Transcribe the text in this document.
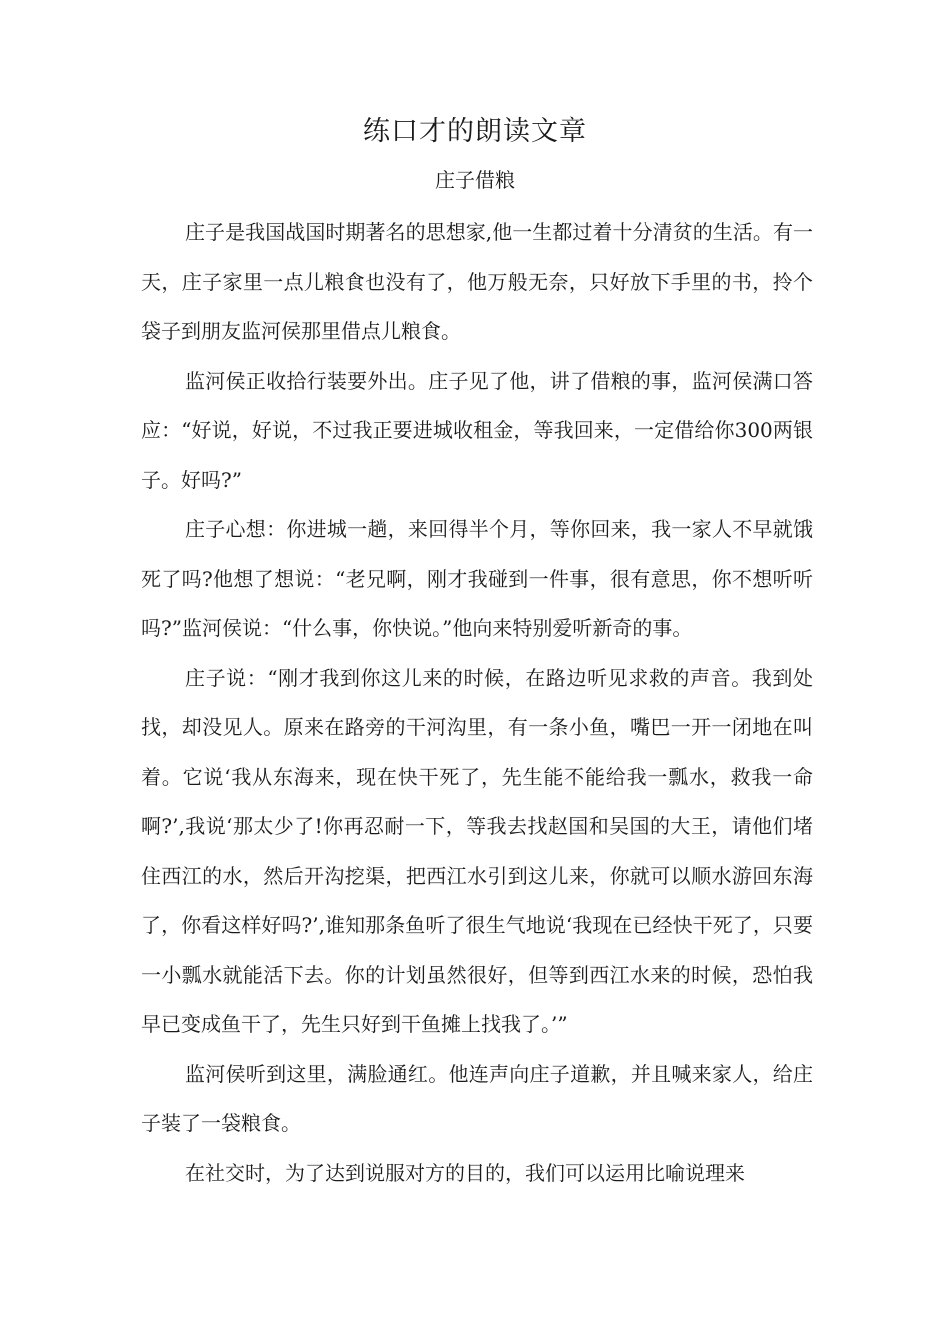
练口才的朗读文章
庄子借粮

庄子是我国战国时期著名的思想家,他一生都过着十分清贫的生活。有一天，庄子家里一点儿粮食也没有了，他万般无奈，只好放下手里的书，拎个袋子到朋友监河侯那里借点儿粮食。

监河侯正收拾行装要外出。庄子见了他，讲了借粮的事，监河侯满口答应：“好说，好说，不过我正要进城收租金，等我回来，一定借给你300两银子。好吗?”

庄子心想：你进城一趟，来回得半个月，等你回来，我一家人不早就饿死了吗?他想了想说：“老兄啊，刚才我碰到一件事，很有意思，你不想听听吗?”监河侯说：“什么事，你快说。”他向来特别爱听新奇的事。

庄子说：“刚才我到你这儿来的时候，在路边听见求救的声音。我到处找，却没见人。原来在路旁的干河沟里，有一条小鱼，嘴巴一开一闭地在叫着。它说‘我从东海来，现在快干死了，先生能不能给我一瓢水，救我一命啊?’,我说‘那太少了!你再忍耐一下，等我去找赵国和吴国的大王，请他们堵住西江的水，然后开沟挖渠，把西江水引到这儿来，你就可以顺水游回东海了，你看这样好吗?’,谁知那条鱼听了很生气地说‘我现在已经快干死了，只要一小瓢水就能活下去。你的计划虽然很好，但等到西江水来的时候，恐怕我早已变成鱼干了，先生只好到干鱼摊上找我了。’”

监河侯听到这里，满脸通红。他连声向庄子道歉，并且喊来家人，给庄子装了一袋粮食。

在社交时，为了达到说服对方的目的，我们可以运用比喻说理来
